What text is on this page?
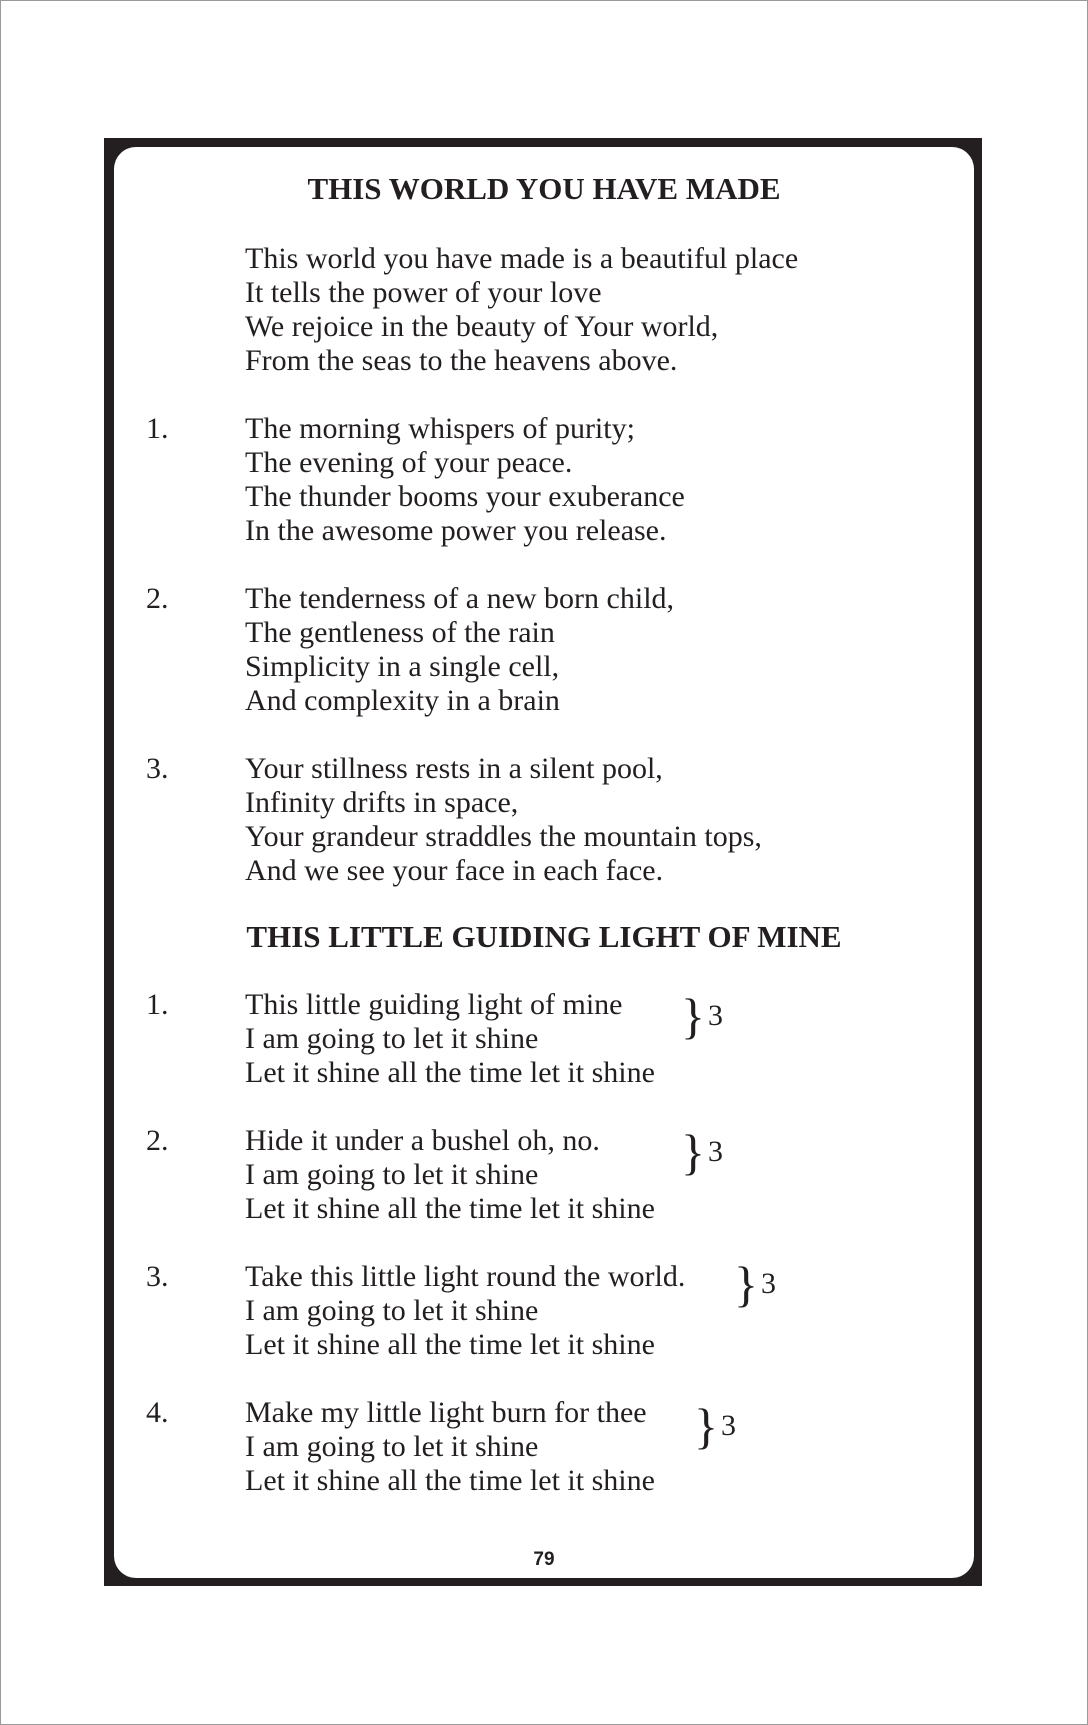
THIS WORLD YOU HAVE MADE
This world you have made is a beautiful place
It tells the power of your love
We rejoice in the beauty of Your world,
From the seas to the heavens above.
1.	The morning whispers of purity;
The evening of your peace.
The thunder booms your exuberance
In the awesome power you release.
2.	The tenderness of a new born child,
The gentleness of the rain
Simplicity in a single cell,
And complexity in a brain
3.	Your stillness rests in a silent pool,
Infinity drifts in space,
Your grandeur straddles the mountain tops,
And we see your face in each face.
THIS LITTLE GUIDING LIGHT OF MINE
1.	This little guiding light of mine
I am going to let it shine
Let it shine all the time let it shine
} 3
2.	Hide it under a bushel oh, no.
I am going to let it shine
Let it shine all the time let it shine
} 3
3.	Take this little light round the world.
I am going to let it shine
Let it shine all the time let it shine
} 3
4.	Make my little light burn for thee
I am going to let it shine
Let it shine all the time let it shine
} 3
79
